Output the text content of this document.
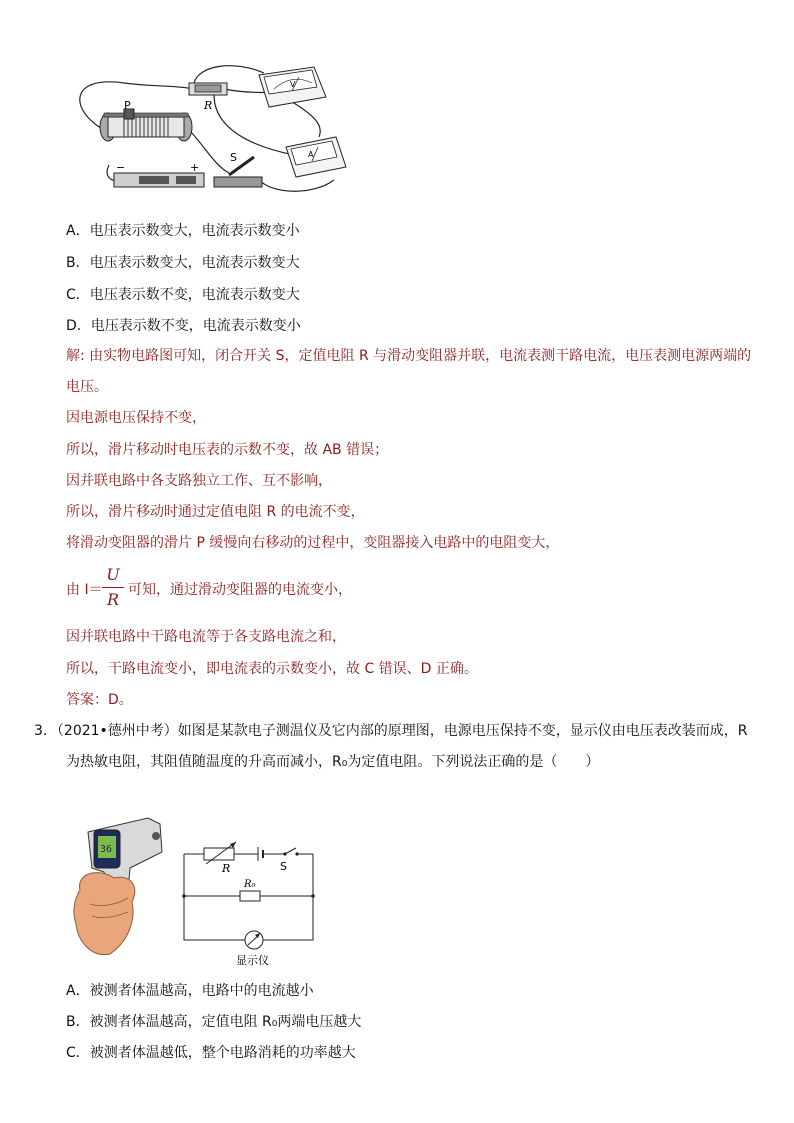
R
V
P
−	+
S	A
A．电压表示数变大，电流表示数变小
B．电压表示数变大，电流表示数变大
C．电压表示数不变，电流表示数变大
D．电压表示数不变，电流表示数变小
解: 由实物电路图可知，闭合开关 S，定值电阻 R 与滑动变阻器并联，电流表测干路电流，电压表测电源两端的
电压。
因电源电压保持不变，
所以，滑片移动时电压表的示数不变，故 AB 错误；
因并联电路中各支路独立工作、互不影响，
所以，滑片移动时通过定值电阻 R 的电流不变，
将滑动变阻器的滑片 P 缓慢向右移动的过程中，变阻器接入电路中的电阻变大，
由 I＝
U
R 可知，通过滑动变阻器的电流变小，
因并联电路中干路电流等于各支路电流之和，
所以，干路电流变小，即电流表的示数变小，故 C 错误、D 正确。
答案：D。
3．（2021•德州中考）如图是某款电子测温仪及它内部的原理图，电源电压保持不变，显示仪由电压表改装而成，R
为热敏电阻，其阻值随温度的升高而减小，R₀为定值电阻。下列说法正确的是（　　）
36
R	S
R₀
显示仪
A．被测者体温越高，电路中的电流越小
B．被测者体温越高，定值电阻 R₀两端电压越大
C．被测者体温越低，整个电路消耗的功率越大
